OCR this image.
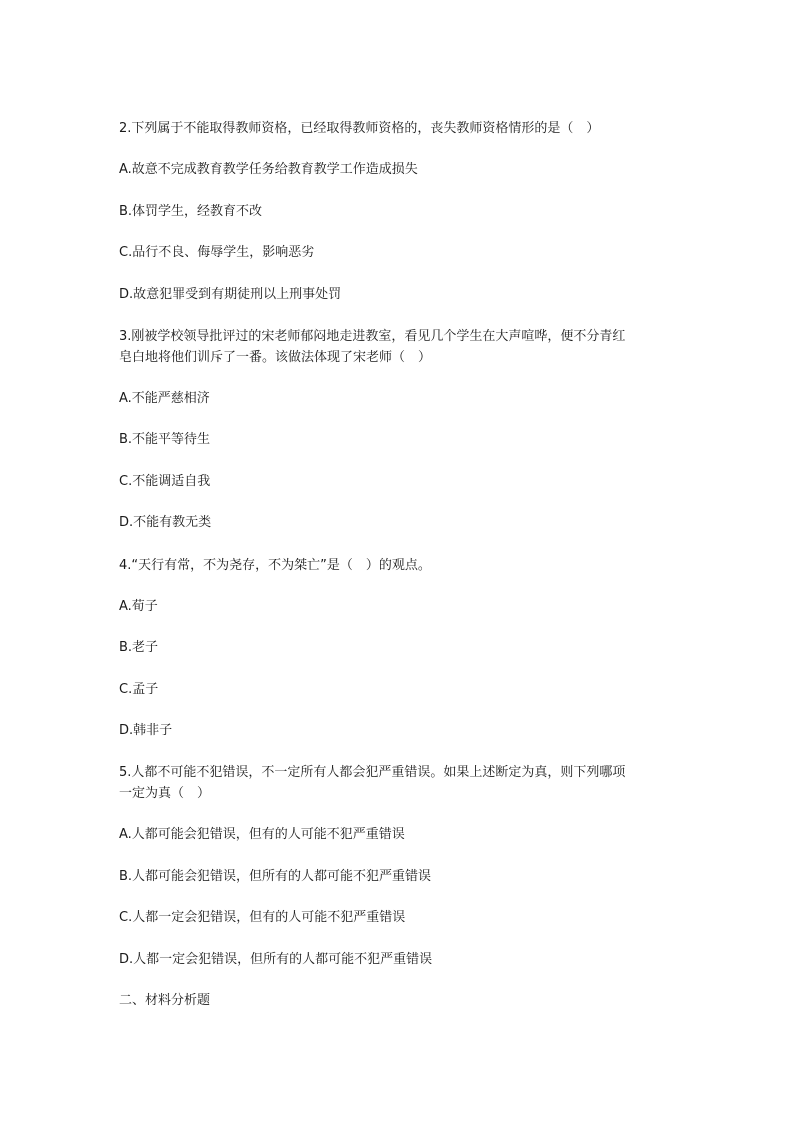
2.下列属于不能取得教师资格，已经取得教师资格的，丧失教师资格情形的是（　）
A.故意不完成教育教学任务给教育教学工作造成损失
B.体罚学生，经教育不改
C.品行不良、侮辱学生，影响恶劣
D.故意犯罪受到有期徒刑以上刑事处罚
3.刚被学校领导批评过的宋老师郁闷地走进教室，看见几个学生在大声喧哗，便不分青红
皂白地将他们训斥了一番。该做法体现了宋老师（　）
A.不能严慈相济
B.不能平等待生
C.不能调适自我
D.不能有教无类
4.“天行有常，不为尧存，不为桀亡”是（　）的观点。
A.荀子
B.老子
C.孟子
D.韩非子
5.人都不可能不犯错误，不一定所有人都会犯严重错误。如果上述断定为真，则下列哪项
一定为真（　）
A.人都可能会犯错误，但有的人可能不犯严重错误
B.人都可能会犯错误，但所有的人都可能不犯严重错误
C.人都一定会犯错误，但有的人可能不犯严重错误
D.人都一定会犯错误，但所有的人都可能不犯严重错误
二、材料分析题
